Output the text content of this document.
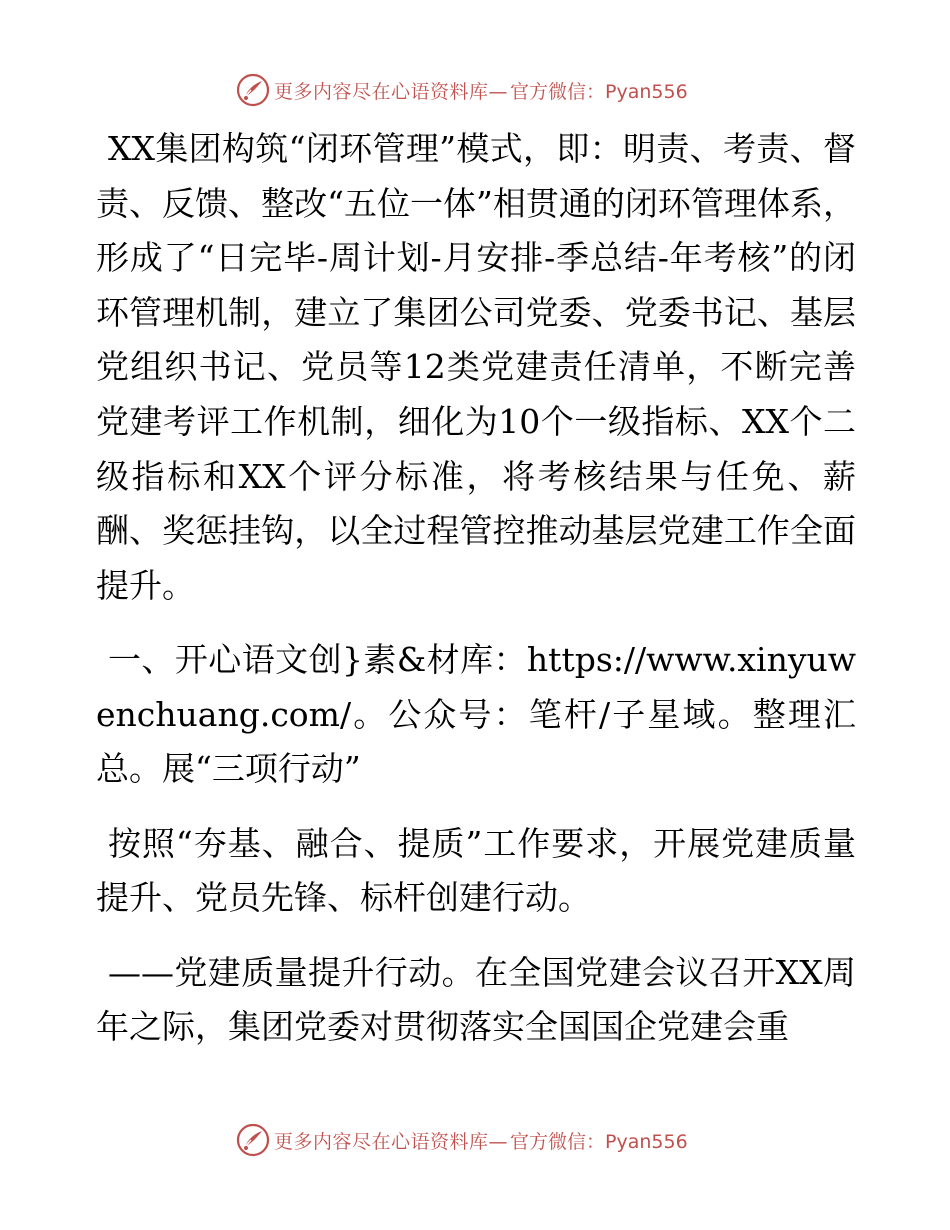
更多内容尽在心语资料库— 官方微信：Pyan556

XX集团构筑“闭环管理”模式，即：明责、考责、督责、反馈、整改“五位一体”相贯通的闭环管理体系，形成了“日完毕-周计划-月安排-季总结-年考核”的闭环管理机制，建立了集团公司党委、党委书记、基层党组织书记、党员等12类党建责任清单，不断完善党建考评工作机制，细化为10个一级指标、XX个二级指标和XX个评分标准，将考核结果与任免、薪酬、奖惩挂钩，以全过程管控推动基层党建工作全面提升。

一、开心语文创}素&材库：https://www.xinyuwenchuang.com/。公众号：笔杆/子星域。整理汇总。展“三项行动”

按照“夯基、融合、提质”工作要求，开展党建质量提升、党员先锋、标杆创建行动。

——党建质量提升行动。在全国党建会议召开XX周年之际，集团党委对贯彻落实全国国企党建会重

更多内容尽在心语资料库— 官方微信：Pyan556
